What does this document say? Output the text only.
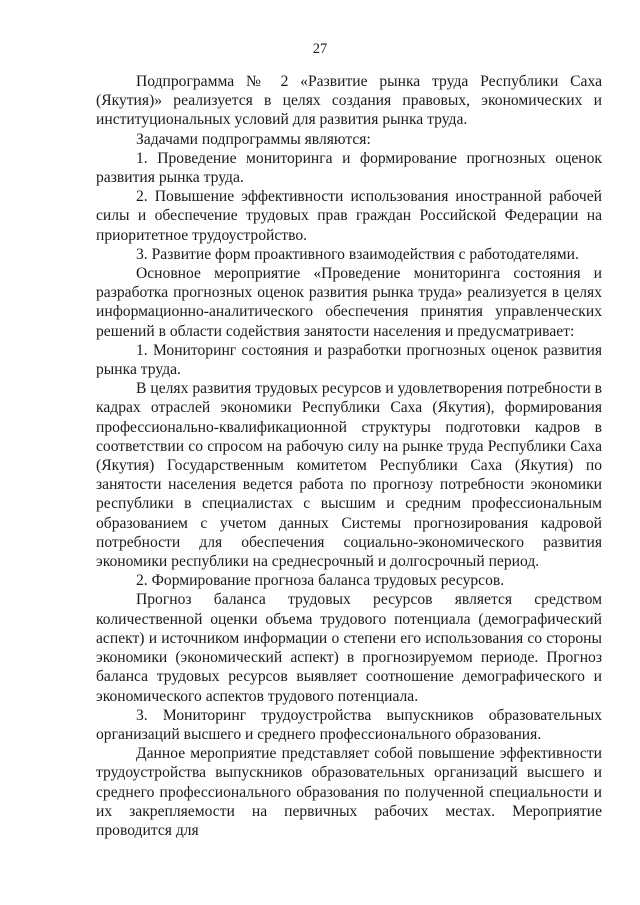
27

Подпрограмма № 2 «Развитие рынка труда Республики Саха (Якутия)» реализуется в целях создания правовых, экономических и институциональных условий для развития рынка труда.

Задачами подпрограммы являются:

1. Проведение мониторинга и формирование прогнозных оценок развития рынка труда.

2. Повышение эффективности использования иностранной рабочей силы и обеспечение трудовых прав граждан Российской Федерации на приоритетное трудоустройство.

3. Развитие форм проактивного взаимодействия с работодателями.

Основное мероприятие «Проведение мониторинга состояния и разработка прогнозных оценок развития рынка труда» реализуется в целях информационно-аналитического обеспечения принятия управленческих решений в области содействия занятости населения и предусматривает:

1. Мониторинг состояния и разработки прогнозных оценок развития рынка труда.

В целях развития трудовых ресурсов и удовлетворения потребности в кадрах отраслей экономики Республики Саха (Якутия), формирования профессионально-квалификационной структуры подготовки кадров в соответствии со спросом на рабочую силу на рынке труда Республики Саха (Якутия) Государственным комитетом Республики Саха (Якутия) по занятости населения ведется работа по прогнозу потребности экономики республики в специалистах с высшим и средним профессиональным образованием с учетом данных Системы прогнозирования кадровой потребности для обеспечения социально-экономического развития экономики республики на среднесрочный и долгосрочный период.

2. Формирование прогноза баланса трудовых ресурсов.

Прогноз баланса трудовых ресурсов является средством количественной оценки объема трудового потенциала (демографический аспект) и источником информации о степени его использования со стороны экономики (экономический аспект) в прогнозируемом периоде. Прогноз баланса трудовых ресурсов выявляет соотношение демографического и экономического аспектов трудового потенциала.

3. Мониторинг трудоустройства выпускников образовательных организаций высшего и среднего профессионального образования.

Данное мероприятие представляет собой повышение эффективности трудоустройства выпускников образовательных организаций высшего и среднего профессионального образования по полученной специальности и их закрепляемости на первичных рабочих местах. Мероприятие проводится для
